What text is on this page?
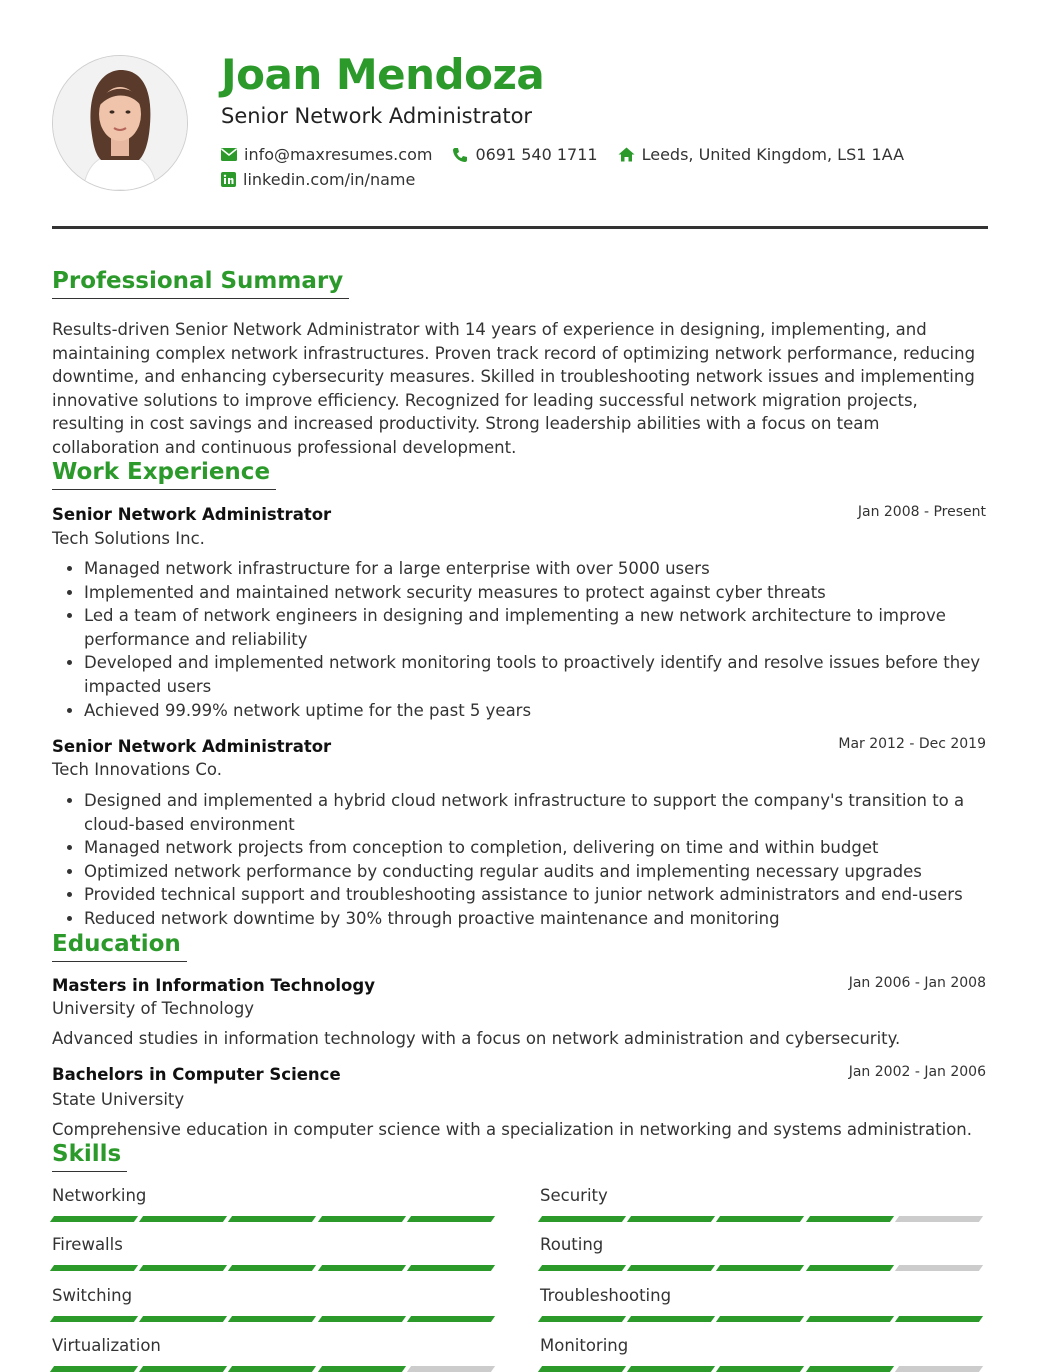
Joan Mendoza
Senior Network Administrator
info@maxresumes.com	0691 540 1711	Leeds, United Kingdom, LS1 1AA
linkedin.com/in/name
Professional Summary

Results-driven Senior Network Administrator with 14 years of experience in designing, implementing, and maintaining complex network infrastructures. Proven track record of optimizing network performance, reducing downtime, and enhancing cybersecurity measures. Skilled in troubleshooting network issues and implementing innovative solutions to improve efficiency. Recognized for leading successful network migration projects, resulting in cost savings and increased productivity. Strong leadership abilities with a focus on team collaboration and continuous professional development.

Work Experience
Senior Network Administrator	Jan 2008 - Present
Tech Solutions Inc.
• Managed network infrastructure for a large enterprise with over 5000 users
• Implemented and maintained network security measures to protect against cyber threats
• Led a team of network engineers in designing and implementing a new network architecture to improve performance and reliability
• Developed and implemented network monitoring tools to proactively identify and resolve issues before they impacted users
• Achieved 99.99% network uptime for the past 5 years
Senior Network Administrator	Mar 2012 - Dec 2019
Tech Innovations Co.
• Designed and implemented a hybrid cloud network infrastructure to support the company's transition to a cloud-based environment
• Managed network projects from conception to completion, delivering on time and within budget
• Optimized network performance by conducting regular audits and implementing necessary upgrades
• Provided technical support and troubleshooting assistance to junior network administrators and end-users
• Reduced network downtime by 30% through proactive maintenance and monitoring
Education
Masters in Information Technology	Jan 2006 - Jan 2008
University of Technology

Advanced studies in information technology with a focus on network administration and cybersecurity.

Bachelors in Computer Science	Jan 2002 - Jan 2006
State University

Comprehensive education in computer science with a specialization in networking and systems administration.

Skills
Networking	Security
Firewalls	Routing
Switching	Troubleshooting
Virtualization	Monitoring
